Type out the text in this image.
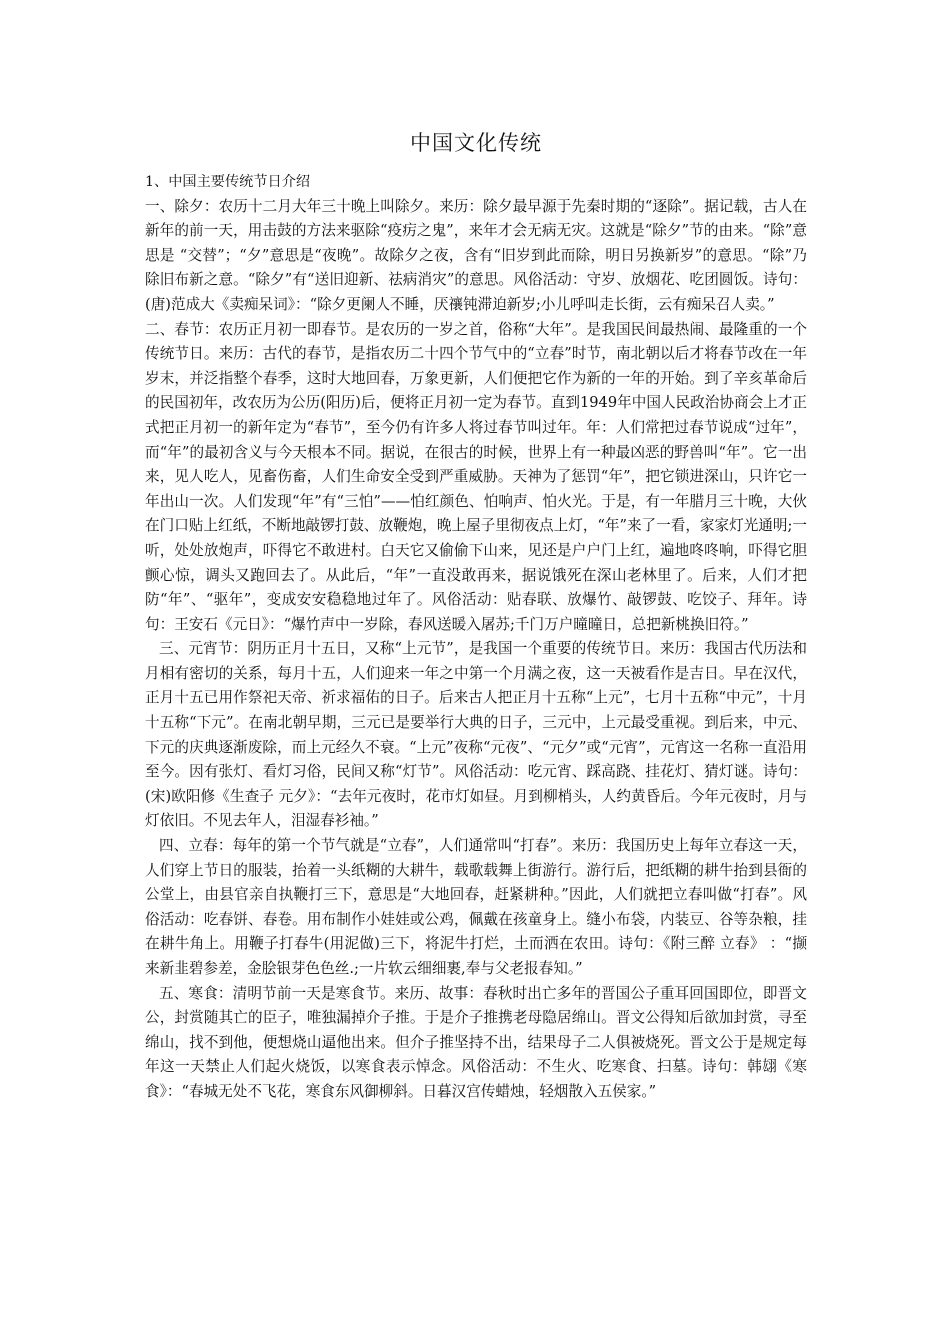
中国文化传统
1、中国主要传统节日介绍

一、除夕：农历十二月大年三十晚上叫除夕。来历：除夕最早源于先秦时期的“逐除”。据记载，古人在新年的前一天，用击鼓的方法来驱除“疫疠之鬼”，来年才会无病无灾。这就是“除夕”节的由来。“除”意思是 “交替”；“夕”意思是“夜晚”。故除夕之夜，含有“旧岁到此而除，明日另换新岁”的意思。“除”乃除旧布新之意。“除夕”有“送旧迎新、祛病消灾”的意思。风俗活动：守岁、放烟花、吃团圆饭。诗句：(唐)范成大《卖痴呆词》：“除夕更阑人不睡，厌禳钝滞迫新岁;小儿呼叫走长街，云有痴呆召人卖。”

二、春节：农历正月初一即春节。是农历的一岁之首，俗称“大年”。是我国民间最热闹、最隆重的一个传统节日。来历：古代的春节，是指农历二十四个节气中的“立春”时节，南北朝以后才将春节改在一年岁末，并泛指整个春季，这时大地回春，万象更新，人们便把它作为新的一年的开始。到了辛亥革命后的民国初年，改农历为公历(阳历)后，便将正月初一定为春节。直到1949年中国人民政治协商会上才正式把正月初一的新年定为“春节”，至今仍有许多人将过春节叫过年。年：人们常把过春节说成“过年”，而“年”的最初含义与今天根本不同。据说，在很古的时候，世界上有一种最凶恶的野兽叫“年”。它一出来，见人吃人，见畜伤畜，人们生命安全受到严重威胁。天神为了惩罚“年”，把它锁进深山，只许它一年出山一次。人们发现“年”有“三怕”——怕红颜色、怕响声、怕火光。于是，有一年腊月三十晚，大伙在门口贴上红纸，不断地敲锣打鼓、放鞭炮，晚上屋子里彻夜点上灯，“年”来了一看，家家灯光通明;一听，处处放炮声，吓得它不敢进村。白天它又偷偷下山来，见还是户户门上红，遍地咚咚响，吓得它胆颤心惊，调头又跑回去了。从此后，“年”一直没敢再来，据说饿死在深山老林里了。后来，人们才把防“年”、“驱年”，变成安安稳稳地过年了。风俗活动：贴春联、放爆竹、敲锣鼓、吃饺子、拜年。诗句：王安石《元日》：“爆竹声中一岁除，春风送暖入屠苏;千门万户曈曈日，总把新桃换旧符。”

三、元宵节：阴历正月十五日，又称“上元节”，是我国一个重要的传统节日。来历：我国古代历法和月相有密切的关系，每月十五，人们迎来一年之中第一个月满之夜，这一天被看作是吉日。早在汉代，正月十五已用作祭祀天帝、祈求福佑的日子。后来古人把正月十五称“上元”，七月十五称“中元”，十月十五称“下元”。在南北朝早期，三元已是要举行大典的日子，三元中，上元最受重视。到后来，中元、下元的庆典逐渐废除，而上元经久不衰。“上元”夜称“元夜”、“元夕”或“元宵”，元宵这一名称一直沿用至今。因有张灯、看灯习俗，民间又称“灯节”。风俗活动：吃元宵、踩高跷、挂花灯、猜灯谜。诗句：(宋)欧阳修《生查子 元夕》：“去年元夜时，花市灯如昼。月到柳梢头，人约黄昏后。今年元夜时，月与灯依旧。不见去年人，泪湿春衫袖。”

四、立春：每年的第一个节气就是“立春”，人们通常叫“打春”。来历：我国历史上每年立春这一天，人们穿上节日的服装，抬着一头纸糊的大耕牛，载歌载舞上街游行。游行后，把纸糊的耕牛抬到县衙的公堂上，由县官亲自执鞭打三下，意思是“大地回春，赶紧耕种。”因此，人们就把立春叫做“打春”。风俗活动：吃春饼、春卷。用布制作小娃娃或公鸡，佩戴在孩童身上。缝小布袋，内装豆、谷等杂粮，挂在耕牛角上。用鞭子打春牛(用泥做)三下，将泥牛打烂，土而洒在农田。诗句：《附三醉 立春》 ：“撷来新韭碧参差，金脍银芽色色丝.;一片软云细细裹,奉与父老报春知。”

五、寒食：清明节前一天是寒食节。来历、故事：春秋时出亡多年的晋国公子重耳回国即位，即晋文公，封赏随其亡的臣子，唯独漏掉介子推。于是介子推携老母隐居绵山。晋文公得知后欲加封赏，寻至绵山，找不到他，便想烧山逼他出来。但介子推坚持不出，结果母子二人俱被烧死。晋文公于是规定每年这一天禁止人们起火烧饭，以寒食表示悼念。风俗活动：不生火、吃寒食、扫墓。诗句：韩翃《寒食》：“春城无处不飞花，寒食东风御柳斜。日暮汉宫传蜡烛，轻烟散入五侯家。”
